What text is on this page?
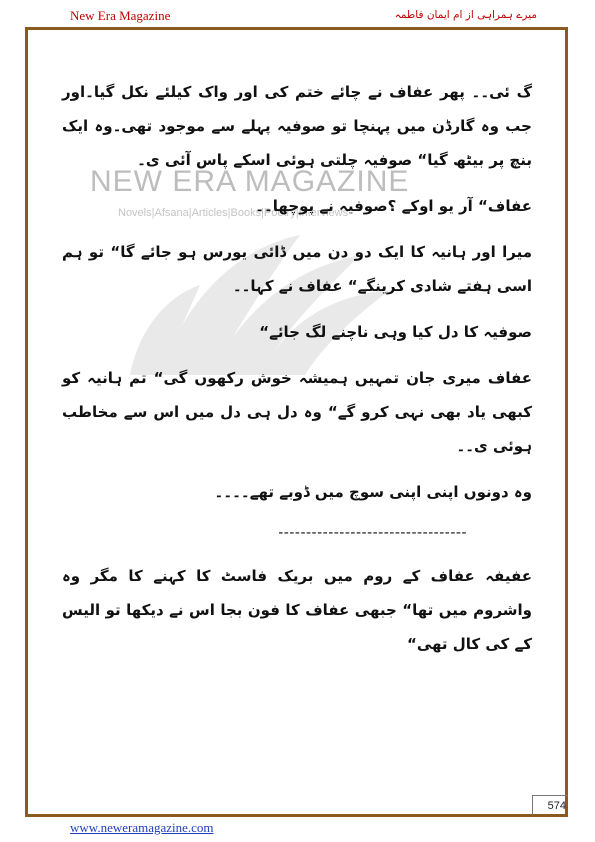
New Era Magazine	میرے ہمراہی از ام ایمان فاطمہ
NEW ERA MAGAZINE
Novels|Afsana|Articles|Books|Poetry|Interviews

گ ئی۔۔ پھر عفاف نے چائے ختم کی اور واک کیلئے نکل گیا۔اور جب وہ گارڈن میں پہنچا تو صوفیہ پہلے سے موجود تھی۔وہ ایک بنچ پر بیٹھ گیا“ صوفیہ چلتی ہوئی اسکے پاس آئی ی۔

عفاف“ آر یو اوکے ؟صوفیہ نے پوچھا۔۔

میرا اور ہانیہ کا ایک دو دن میں ڈائی یورس ہو جائے گا“ تو ہم اسی ہفتے شادی کرینگے“ عفاف نے کہا۔۔

صوفیہ کا دل کیا وہی ناچنے لگ جائے“

عفاف میری جان تمہیں ہمیشہ خوش رکھوں گی“ تم ہانیہ کو کبھی یاد بھی نہی کرو گے“ وہ دل ہی دل میں اس سے مخاطب ہوئی ی۔۔

وہ دونوں اپنی اپنی سوچ میں ڈوبے تھے۔۔۔۔

----------------------------------

عفیفہ عفاف کے روم میں بریک فاسٹ کا کہنے کا مگر وہ واشروم میں تھا“ جبھی عفاف کا فون بجا اس نے دیکھا تو الیس کے کی کال تھی“

574
www.neweramagazine.com
